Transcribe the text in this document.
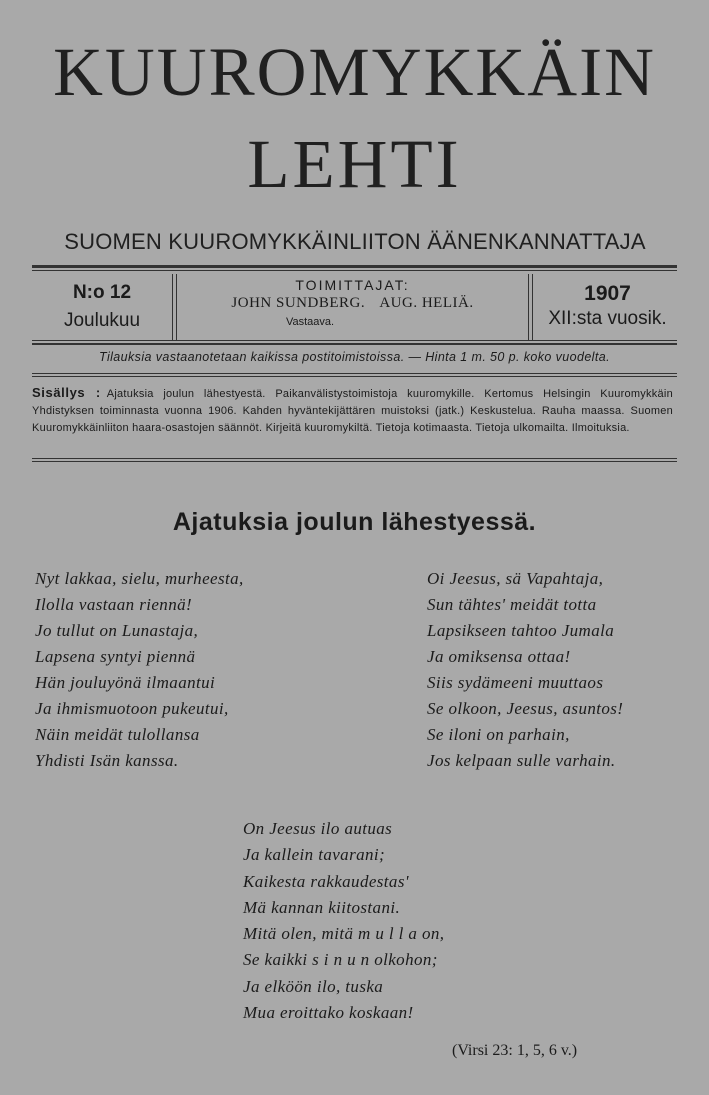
KUUROMYKKÄIN
LEHTI
SUOMEN KUUROMYKKÄINLIITON ÄÄNENKANNATTAJA
N:o 12
Joulukuu
TOIMITTAJAT:
JOHN SUNDBERG. AUG. HELIÄ.
Vastaava.
1907
XII:sta vuosik.
Tilauksia vastaanotetaan kaikissa postitoimistoissa. — Hinta 1 m. 50 p. koko vuodelta.
Sisällys : Ajatuksia joulun lähestyestä. Paikanvälistystoimistoja kuuromykille. Kertomus Helsingin Kuuromykkäin Yhdistyksen toiminnasta vuonna 1906. Kahden hyväntekijättären muistoksi (jatk.) Keskustelua. Rauha maassa. Suomen Kuuromykkäinliiton haara-osastojen säännöt. Kirjeitä kuuromykiltä. Tietoja kotimaasta. Tietoja ulkomailta. Ilmoituksia.
Ajatuksia joulun lähestyessä.
Nyt lakkaa, sielu, murheesta,
Ilolla vastaan riennä!
Jo tullut on Lunastaja,
Lapsena syntyi piennä
Hän jouluyönä ilmaantui
Ja ihmismuotoon pukeutui,
Näin meidät tulollansa
Yhdisti Isän kanssa.
Oi Jeesus, sä Vapahtaja,
Sun tähtes' meidät totta
Lapsikseen tahtoo Jumala
Ja omiksensa ottaa!
Siis sydämeeni muuttaos
Se olkoon, Jeesus, asuntos!
Se iloni on parhain,
Jos kelpaan sulle varhain.
On Jeesus ilo autuas
Ja kallein tavarani;
Kaikesta rakkaudestas'
Mä kannan kiitostani.
Mitä olen, mitä m u l l a on,
Se kaikki s i n u n olkohon;
Ja elköön ilo, tuska
Mua eroittako koskaan!
(Virsi 23: 1, 5, 6 v.)
